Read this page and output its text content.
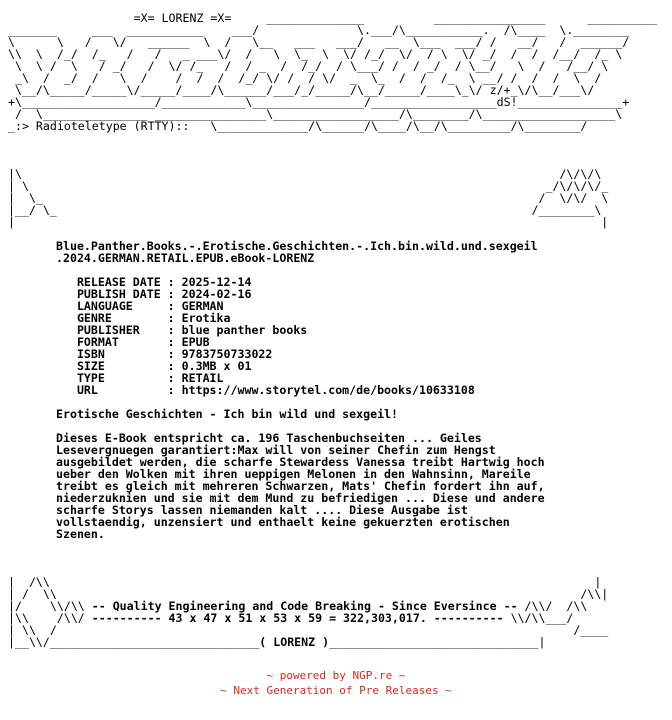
=X= LORENZ =X=     ______________          ________________      __________
_______     ___  ___________    ___/              \.___/\___________.  /\____  \.________
\      \   /   \/   ______  \  /   \__   ___   ___/   __  \___  ___/ /   __/   /  ______/
\\  \  /_/  /_   /   /   _ ___\/  /   \  \_  \  \/ /_/  \/  / \  \/ _/  /  /  /__/  /_ \
\  \ /  \   / _/   /  \/ /_   /  / _  /  /_/  / \___/ /  / _/  / \__/   \  /   /__/ \
_\  /  _/  /   \  /    /  /  /  /_/ \/ /  / \/  _  \_  /  /  /_  \ __/ /  /  /  \  /
\__/\_____/_____\/_____/____/\______/___/_/_____/\__/_____/____\_\/ z/+_\/\__/___\/
+\___________________/____________\________________/__________________dS!_______________+
/  \_______________ ________________\__________________/\________/\___________________\
_:> Radioteletype (RTTY)::   \_____________/\______/\____/\__/\_________/\________/
|\                                                                             /\/\/\
| \                                                                          _/\/\/\/_
|  \_                                                                       /  \/\/  \
|__/ \_                                                                    /________\
|                                                                                    |
Blue.Panther.Books.-.Erotische.Geschichten.-.Ich.bin.wild.und.sexgeil
.2024.GERMAN.RETAIL.EPUB.eBook-LORENZ

RELEASE DATE : 2025-12-14
PUBLISH DATE : 2024-02-16
LANGUAGE     : GERMAN
GENRE        : Erotika
PUBLISHER    : blue panther books
FORMAT       : EPUB
ISBN         : 9783750733022
SIZE         : 0.3MB x 01
TYPE         : RETAIL
URL          : https://www.storytel.com/de/books/10633108

Erotische Geschichten - Ich bin wild und sexgeil!

Dieses E-Book entspricht ca. 196 Taschenbuchseiten ... Geiles
Lesevergnuegen garantiert:Max will von seiner Chefin zum Hengst
ausgebildet werden, die scharfe Stewardess Vanessa treibt Hartwig hoch
ueber den Wolken mit ihren ueppigen Melonen in den Wahnsinn, Mareile
treibt es gleich mit mehreren Schwarzen, Mats' Chefin fordert ihn auf,
niederzuknien und sie mit dem Mund zu befriedigen ... Diese und andere
scharfe Storys lassen niemanden kalt .... Diese Ausgabe ist
vollstaendig, unzensiert und enthaelt keine gekuerzten erotischen
Szenen.
|  /\\                                                                              |
| /  \\                                                                           /\\|
|/    \\/\\ -- Quality Engineering and Code Breaking - Since Eversince -- /\\/  /\\
|\\    /\\/ ---------- 43 x 47 x 51 x 53 x 59 = 322,303,017. ---------- \\/\\___/
| \\  /                                                                          /____
|__\\/______________________________( LORENZ )______________________________|
~ powered by NGP.re ~
~ Next Generation of Pre Releases ~
